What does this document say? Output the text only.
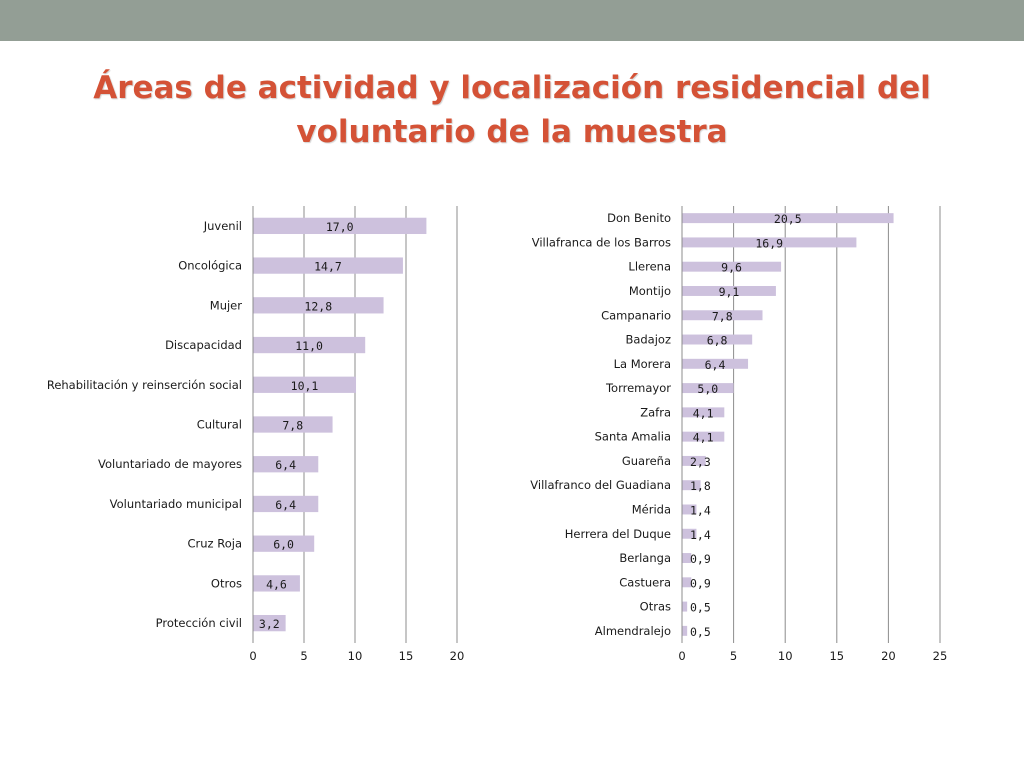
Áreas de actividad y localización residencial del
voluntario de la muestra
0	5	10	15	20
Juvenil	17,0
Oncológica	14,7
Mujer	12,8
Discapacidad	11,0
Rehabilitación y reinserción social	10,1
Cultural	7,8
Voluntariado de mayores	6,4
Voluntariado municipal	6,4
Cruz Roja	6,0
Otros 4,6
Protección civil 3,2
0	5	10	15	20	25
Don Benito	20,5
Villafranca de los Barros	16,9
Llerena	9,6
Montijo	9,1
Campanario	7,8
Badajoz	6,8
La Morera	6,4
Torremayor 5,0
Zafra 4,1
Santa Amalia 4,1
Guareña 2,3
Villafranco del Guadiana 1,8
Mérida 1,4
Herrera del Duque 1,4
Berlanga 0,9
Castuera 0,9
Otras 0,5
Almendralejo 0,5
